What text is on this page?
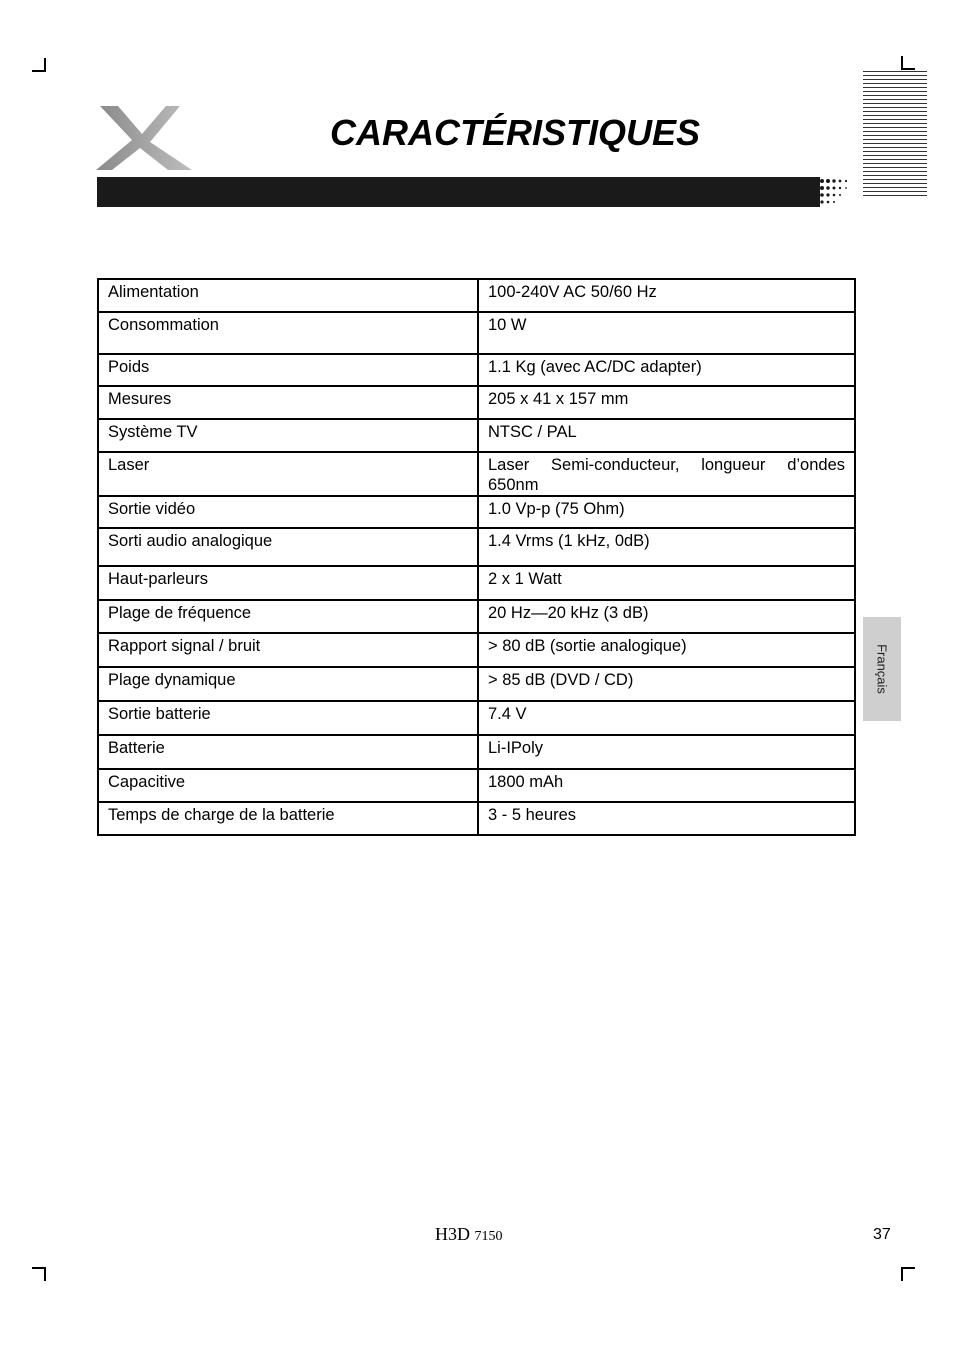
CARACTÉRISTIQUES
Français
Alimentation	100-240V AC 50/60 Hz
Consommation	10 W
Poids	1.1 Kg (avec AC/DC adapter)
Mesures	205 x 41 x 157 mm
Système TV	NTSC / PAL
Laser	Laser Semi-conducteur, longueur d’ondes 650nm
Sortie vidéo	1.0 Vp-p (75 Ohm)
Sorti audio analogique	1.4 Vrms (1 kHz, 0dB)
Haut-parleurs	2 x 1 Watt
Plage de fréquence	20 Hz—20 kHz (3 dB)
Rapport signal / bruit	> 80 dB (sortie analogique)
Plage dynamique	> 85 dB (DVD / CD)
Sortie batterie	7.4 V
Batterie	Li-IPoly
Capacitive	1800 mAh
Temps de charge de la batterie	3 - 5 heures
H3D 7150	37
